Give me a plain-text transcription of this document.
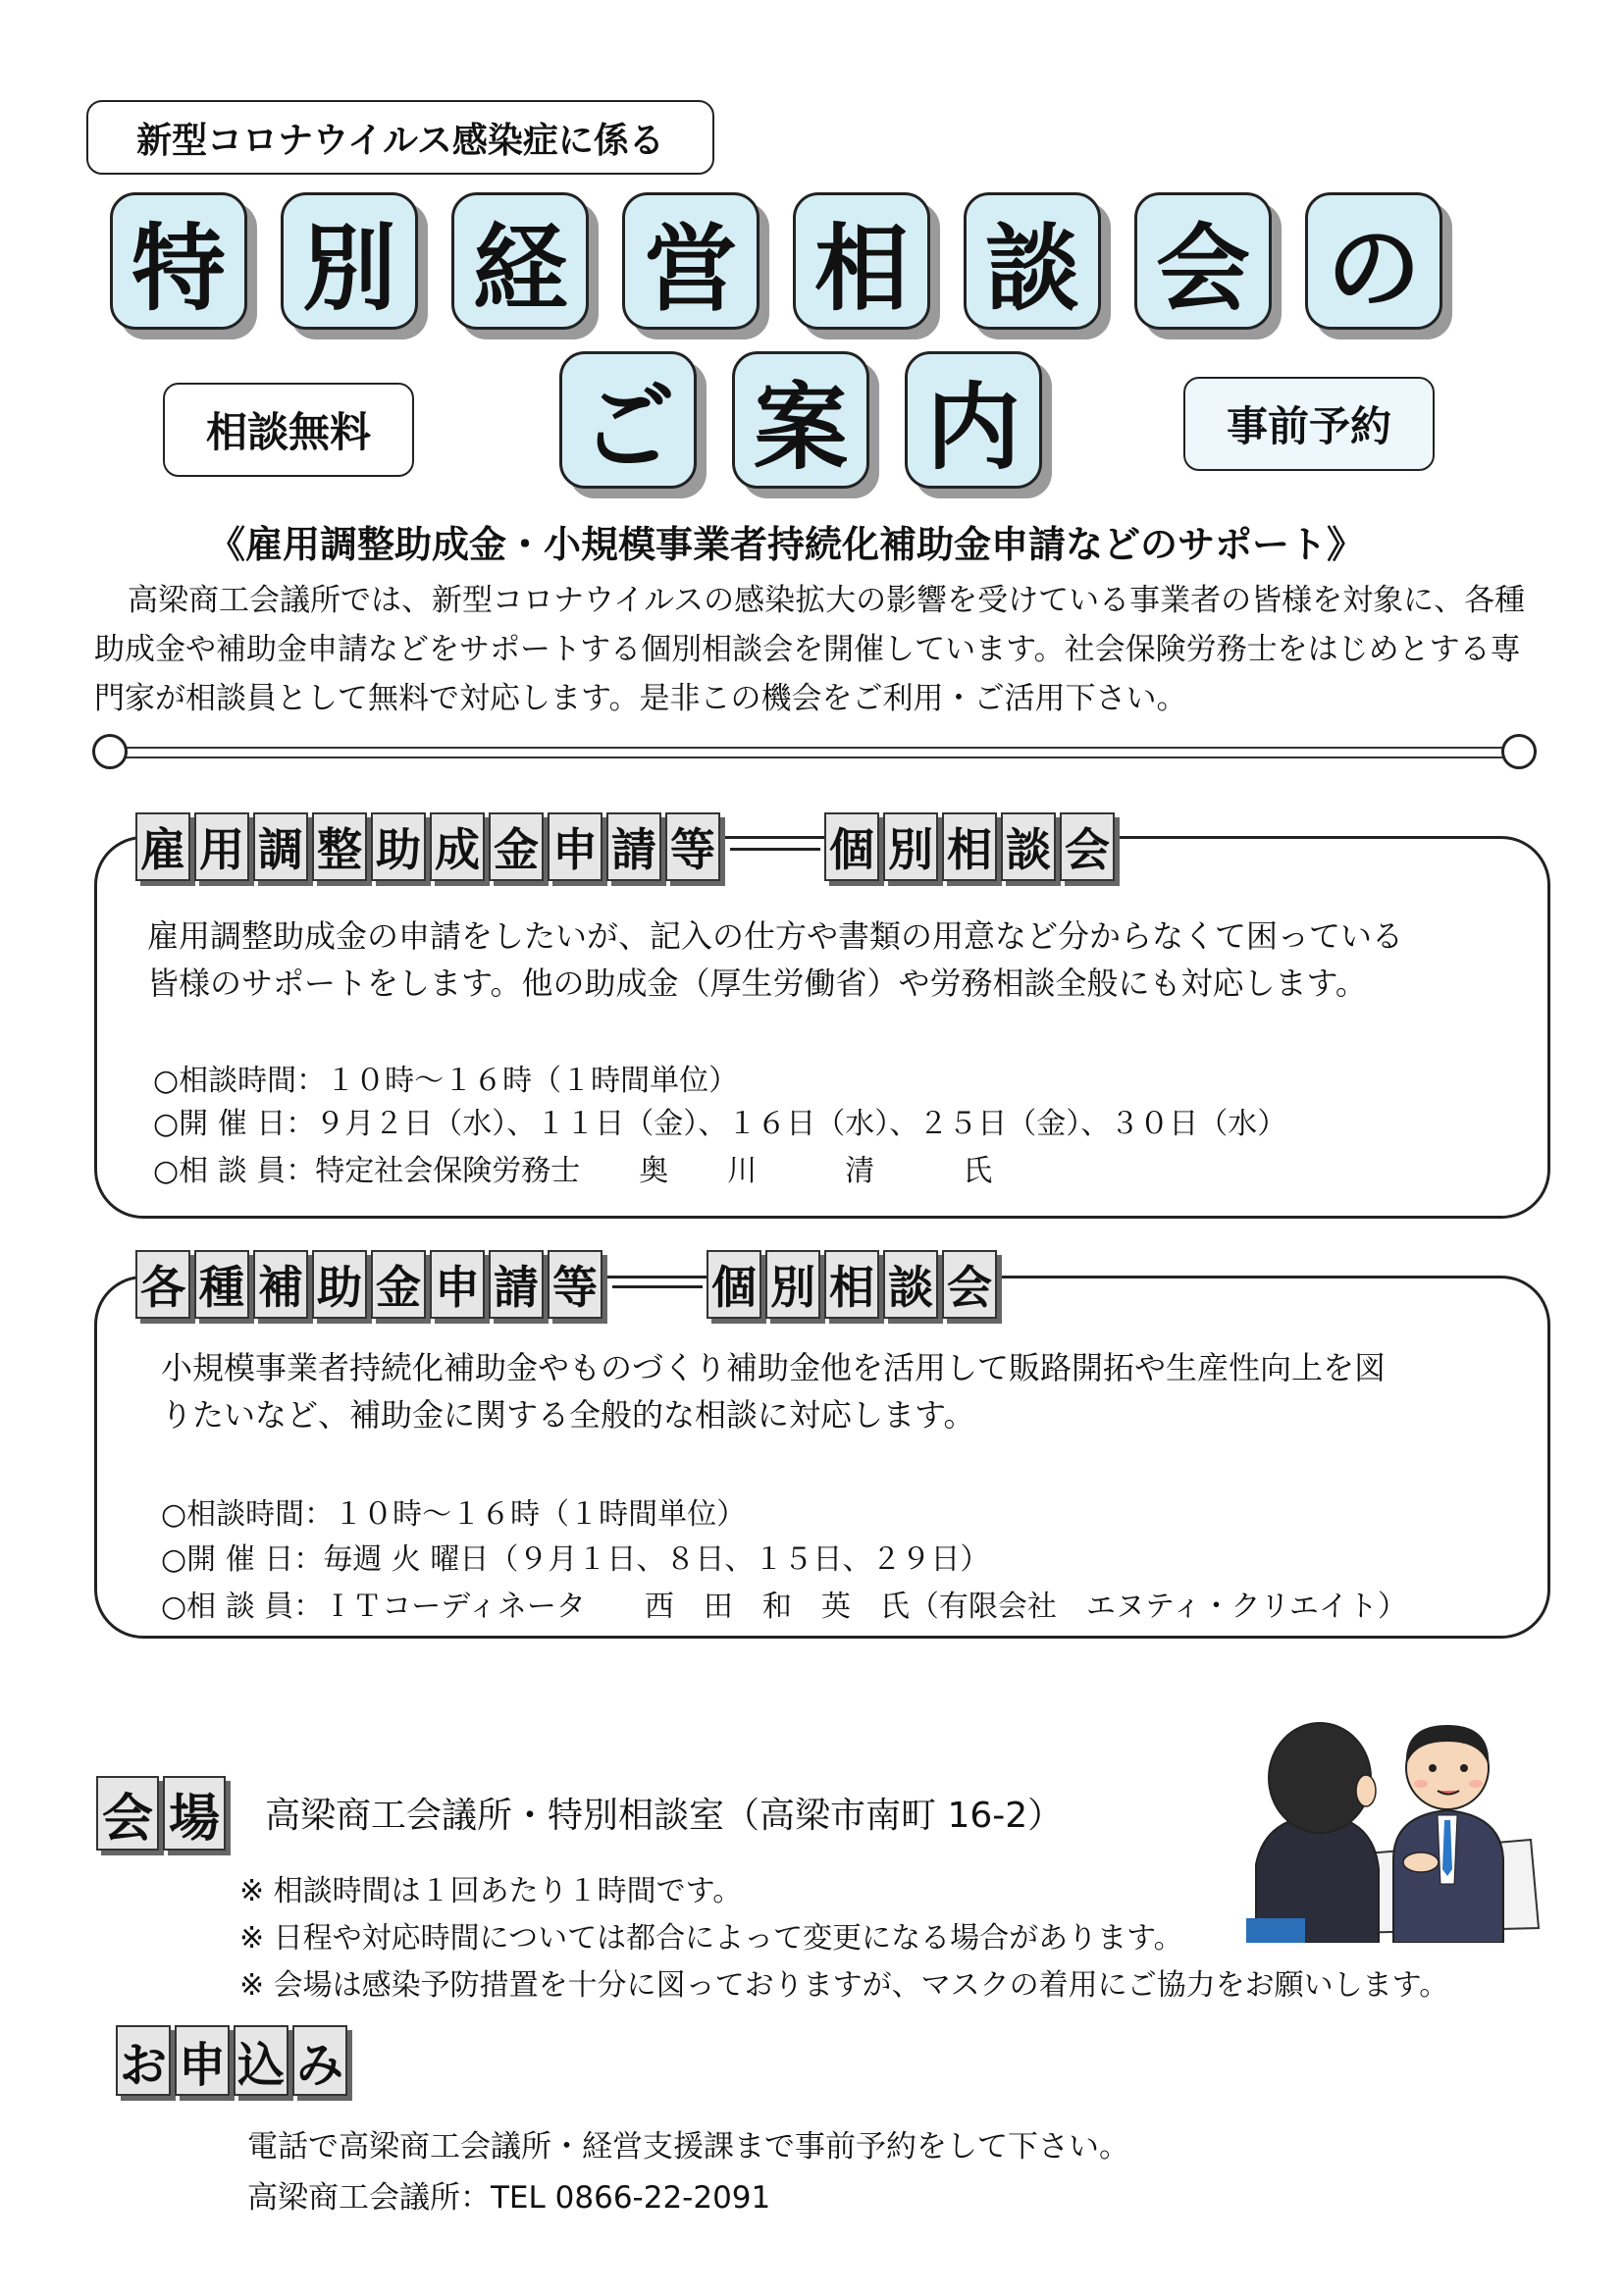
新型コロナウイルス感染症に係る
特 別 経 営 相 談 会 の
ご 案 内
相談無料	事前予約
《雇用調整助成金・小規模事業者持続化補助金申請などのサポート》
高梁商工会議所では、新型コロナウイルスの感染拡大の影響を受けている事業者の皆様を対象に、各種
助成金や補助金申請などをサポートする個別相談会を開催しています。社会保険労務士をはじめとする専
門家が相談員として無料で対応します。是非この機会をご利用・ご活用下さい。
雇 用 調 整 助 成 金 申 請 等	個 別 相 談 会
雇用調整助成金の申請をしたいが、記入の仕方や書類の用意など分からなくて困っている
皆様のサポートをします。他の助成金（厚生労働省）や労務相談全般にも対応します。
○相談時間：１０時～１６時（１時間単位）
○開 催 日：９月２日（水）、１１日（金）、１６日（水）、２５日（金）、３０日（水）
○相 談 員：特定社会保険労務士　　奥　　川　　　清　　　氏
各 種 補 助 金 申 請 等	個 別 相 談 会
小規模事業者持続化補助金やものづくり補助金他を活用して販路開拓や生産性向上を図
りたいなど、補助金に関する全般的な相談に対応します。
○相談時間：１０時～１６時（１時間単位）
○開 催 日：毎週 火 曜日（９月１日、８日、１５日、２９日）
○相 談 員：ＩＴコーディネータ　　西　田　和　英　氏（有限会社　エヌティ・クリエイト）
会 場 高梁商工会議所・特別相談室（高梁市南町 16-2）
※ 相談時間は１回あたり１時間です。
※ 日程や対応時間については都合によって変更になる場合があります。
※ 会場は感染予防措置を十分に図っておりますが、マスクの着用にご協力をお願いします。
お 申 込 み
電話で高梁商工会議所・経営支援課まで事前予約をして下さい。
高梁商工会議所：TEL 0866-22-2091
